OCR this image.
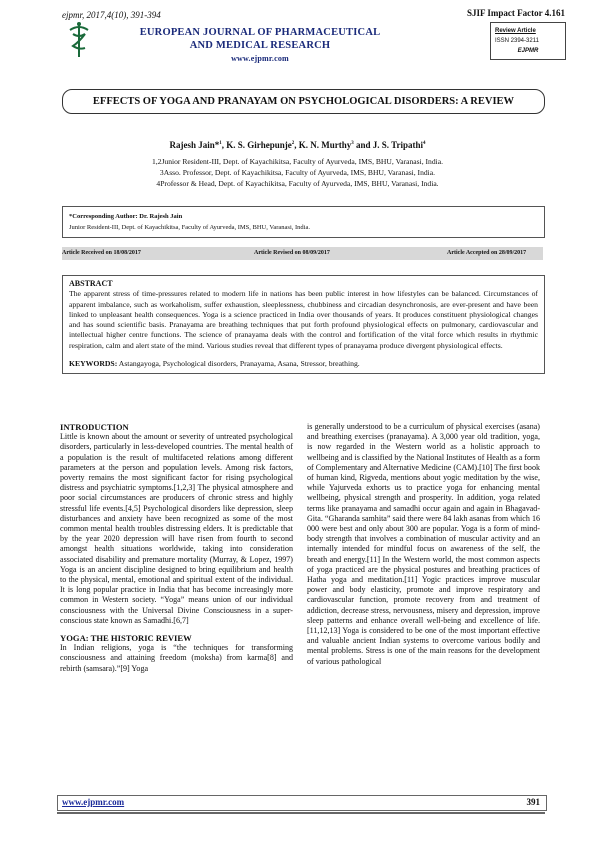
ejpmr, 2017,4(10), 391-394	SJIF Impact Factor 4.161
EUROPEAN JOURNAL OF PHARMACEUTICAL
AND MEDICAL RESEARCH
www.ejpmr.com
Review Article
ISSN 2394-3211
EJPMR
EFFECTS OF YOGA AND PRANAYAM ON PSYCHOLOGICAL DISORDERS: A REVIEW
Rajesh Jain*$^1$, K. S. Girhepunje$^2$, K. N. Murthy$^3$ and J. S. Tripathi$^4$
1,2Junior Resident-III, Dept. of Kayachikitsa, Faculty of Ayurveda, IMS, BHU, Varanasi, India.
3Asso. Professor, Dept. of Kayachikitsa, Faculty of Ayurveda, IMS, BHU, Varanasi, India.
4Professor & Head, Dept. of Kayachikitsa, Faculty of Ayurveda, IMS, BHU, Varanasi, India.
*Corresponding Author: Dr. Rajesh Jain
Junior Resident-III, Dept. of Kayachikitsa, Faculty of Ayurveda, IMS, BHU, Varanasi, India.
Article Received on 18/08/2017	Article Revised on 08/09/2017	Article Accepted on 28/09/2017
ABSTRACT
The apparent stress of time-pressures related to modern life in nations has been public interest in how lifestyles can be balanced. Circumstances of apparent imbalance, such as workaholism, suffer exhaustion, sleeplessness, chubbiness and circadian desynchronosis, are ever-present and have been linked to unpleasant health consequences. Yoga is a science practiced in India over thousands of years. It produces constituent physiological changes and has sound scientific basis. Pranayama are breathing techniques that put forth profound physiological effects on pulmonary, cardiovascular and intellectual higher centre functions. The science of pranayama deals with the control and fortification of the vital force which results in rhythmic respiration, calm and alert state of the mind. Various studies reveal that different types of pranayama produce divergent physiological effects.
KEYWORDS: Astangayoga, Psychological disorders, Pranayama, Asana, Stressor, breathing.
INTRODUCTION
Little is known about the amount or severity of untreated psychological disorders, particularly in less-developed countries. The mental health of a population is the result of multifaceted relations among different parameters at the person and population levels. Among risk factors, poverty remains the most significant factor for rising psychological distress and psychiatric symptoms.[1,2,3] The physical atmosphere and poor social circumstances are producers of chronic stress and highly stressful life events.[4,5] Psychological disorders like depression, sleep disturbances and anxiety have been recognized as some of the most common mental health troubles distressing elders. It is predictable that by the year 2020 depression will have risen from fourth to second amongst health situations worldwide, taking into consideration associated disability and premature mortality (Murray, & Lopez, 1997) Yoga is an ancient discipline designed to bring equilibrium and health to the physical, mental, emotional and spiritual extent of the individual. It is long popular practice in India that has become increasingly more common in Western society. “Yoga” means union of our individual consciousness with the Universal Divine Consciousness in a super-conscious state known as Samadhi.[6,7]
YOGA: THE HISTORIC REVIEW
In Indian religions, yoga is “the techniques for transforming consciousness and attaining freedom (moksha) from karma[8] and rebirth (samsara).”[9] Yoga
is generally understood to be a curriculum of physical exercises (asana) and breathing exercises (pranayama). A 3,000 year old tradition, yoga, is now regarded in the Western world as a holistic approach to wellbeing and is classified by the National Institutes of Health as a form of Complementary and Alternative Medicine (CAM).[10] The first book of human kind, Rigveda, mentions about yogic meditation by the wise, while Yajurveda exhorts us to practice yoga for enhancing mental wellbeing, physical strength and prosperity. In addition, yoga related terms like pranayama and samadhi occur again and again in Bhagavad-Gita. “Gharanda samhita” said there were 84 lakh asanas from which 16 000 were best and only about 300 are popular. Yoga is a form of mind-body strength that involves a combination of muscular activity and an internally intended for mindful focus on awareness of the self, the breath and energy.[11] In the Western world, the most common aspects of yoga practiced are the physical postures and breathing practices of Hatha yoga and meditation.[11] Yogic practices improve muscular power and body elasticity, promote and improve respiratory and cardiovascular function, promote recovery from and treatment of addiction, decrease stress, nervousness, misery and depression, improve sleep patterns and enhance overall well-being and excellence of life.[11,12,13] Yoga is considered to be one of the most important effective and valuable ancient Indian systems to overcome various bodily and mental problems. Stress is one of the main reasons for the development of various pathological
www.ejpmr.com	391
